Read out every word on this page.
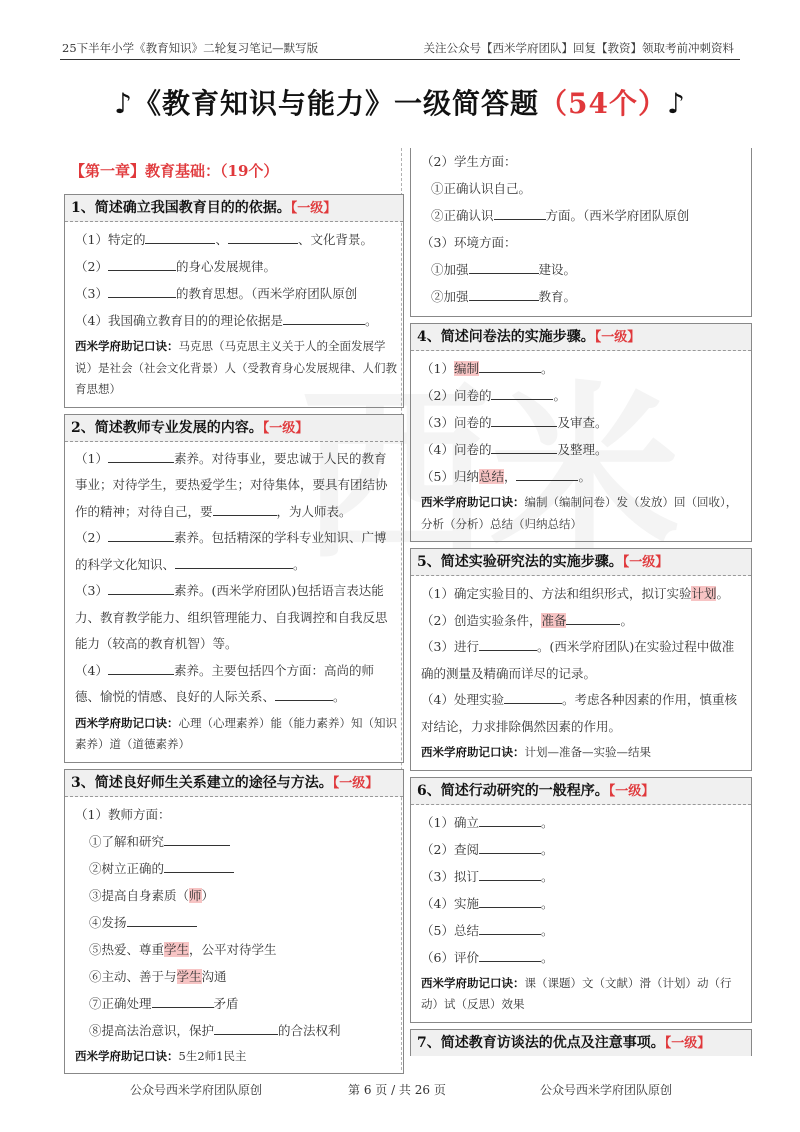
25下半年小学《教育知识》二轮复习笔记—默写版	关注公众号【西米学府团队】回复【教资】领取考前冲刺资料
♪《教育知识与能力》一级简答题（54个）♪
【第一章】教育基础：（19个）
1、简述确立我国教育目的的依据。【一级】
（1）特定的	、	、文化背景。
（2）	的身心发展规律。
（3）	的教育思想。（西米学府团队原创
（4）我国确立教育目的的理论依据是	。
西米学府助记口诀：马克思（马克思主义关于人的全面发展学说）是社会（社会文化背景）人（受教育身心发展规律、人们教育思想）
2、简述教师专业发展的内容。【一级】
（1）	素养。对待事业，要忠诚于人民的教育事业；对待学生，要热爱学生；对待集体，要具有团结协作的精神；对待自己，要	，为人师表。
（2）	素养。包括精深的学科专业知识、广博的科学文化知识、	。
（3）	素养。(西米学府团队)包括语言表达能力、教育教学能力、组织管理能力、自我调控和自我反思能力（较高的教育机智）等。
（4）	素养。主要包括四个方面：高尚的师德、愉悦的情感、良好的人际关系、	。
西米学府助记口诀：心理（心理素养）能（能力素养）知（知识素养）道（道德素养）
3、简述良好师生关系建立的途径与方法。【一级】
（1）教师方面：
①了解和研究
②树立正确的
③提高自身素质（师）
④发扬
⑤热爱、尊重学生，公平对待学生
⑥主动、善于与学生沟通
⑦正确处理	矛盾
⑧提高法治意识，保护	的合法权利
西米学府助记口诀：5生2师1民主
（2）学生方面：
①正确认识自己。
②正确认识	方面。（西米学府团队原创
（3）环境方面：
①加强	建设。
②加强	教育。
4、简述问卷法的实施步骤。【一级】
（1）编制	。
（2）问卷的	。
（3）问卷的	及审查。
（4）问卷的	及整理。
（5）归纳总结，	。
西米学府助记口诀：编制（编制问卷）发（发放）回（回收），分析（分析）总结（归纳总结）
5、简述实验研究法的实施步骤。【一级】
（1）确定实验目的、方法和组织形式，拟订实验计划。
（2）创造实验条件，准备	。
（3）进行	。(西米学府团队)在实验过程中做准确的测量及精确而详尽的记录。
（4）处理实验	。考虑各种因素的作用，慎重核对结论，力求排除偶然因素的作用。
西米学府助记口诀：计划—准备—实验—结果
6、简述行动研究的一般程序。【一级】
（1）确立	。
（2）查阅	。
（3）拟订	。
（4）实施	。
（5）总结	。
（6）评价	。
西米学府助记口诀：课（课题）文（文献）滑（计划）动（行动）试（反思）效果
7、简述教育访谈法的优点及注意事项。【一级】
公众号西米学府团队原创	第 6 页 / 共 26 页	公众号西米学府团队原创
